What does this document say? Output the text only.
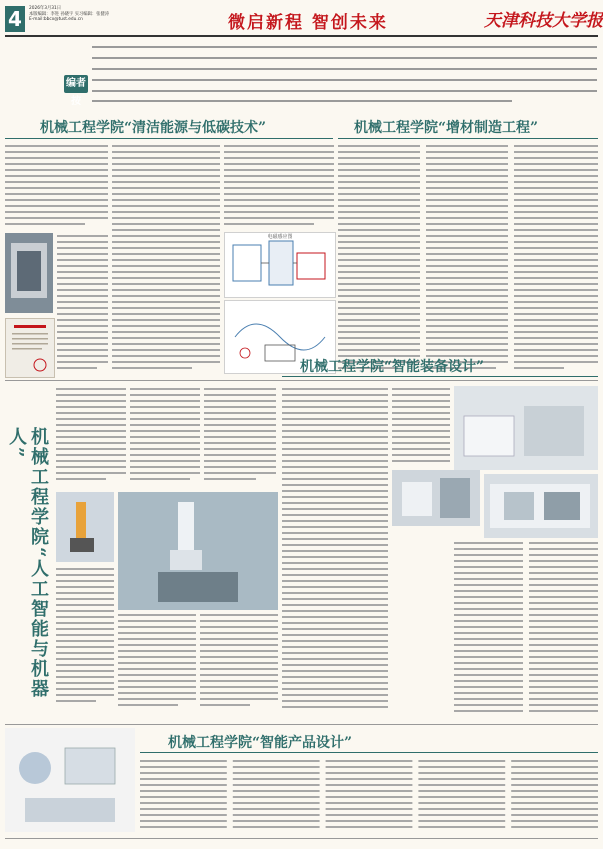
4	2026年3月31日
本版编辑：李进 孙晓宇 实习编辑：张健涛
E-mail:bbcx@tust.edu.cn	微启新程 智创未来	天津科技大学报
编者按
机械工程学院“清洁能源与低碳技术”
电磁感应图
机械工程学院“增材制造工程”
机械工程学院“人工智能与机器人”
机械工程学院“智能装备设计”
机械工程学院“智能产品设计”
